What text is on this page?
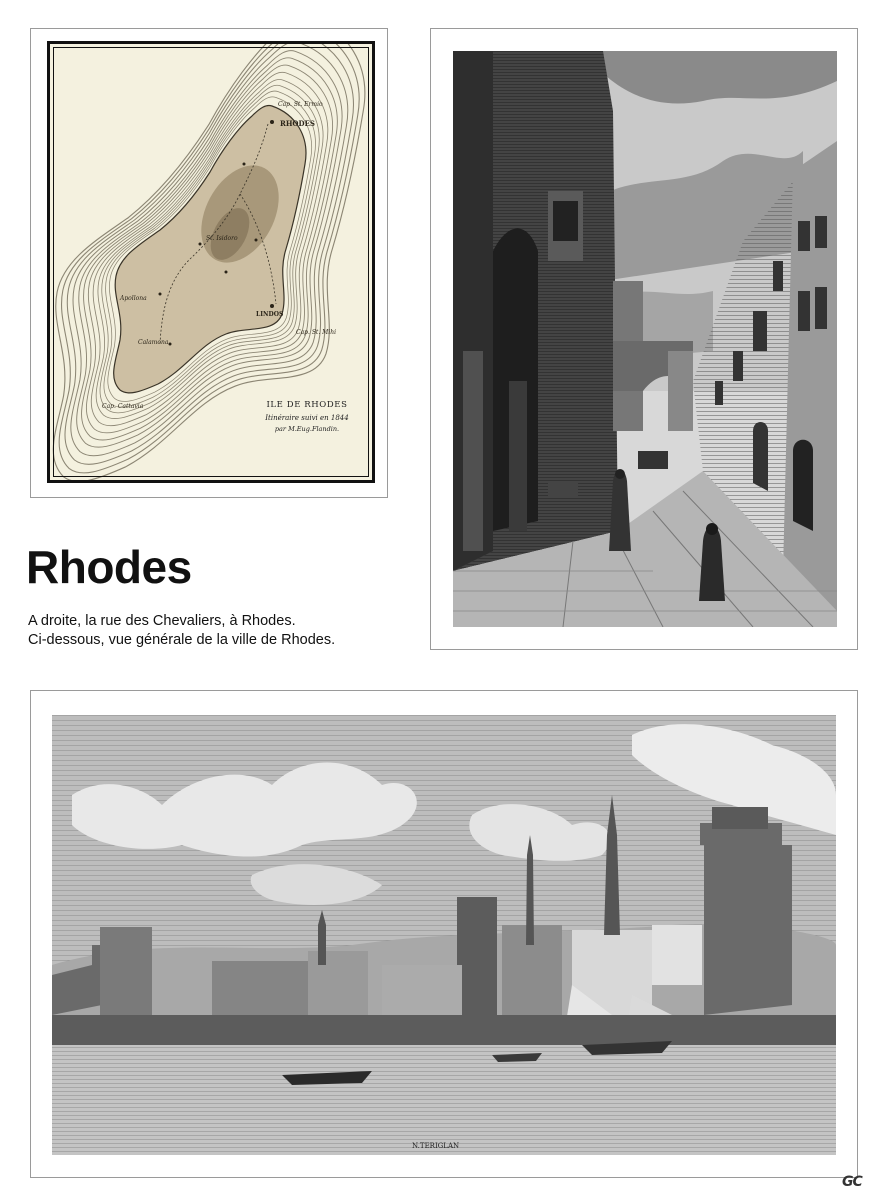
Cap. St. Ermio
RHODES
Apollona
St. Isidoro
Calamona
LINDOS
Cap. St. Mihi
Cap. Cattavia	ILE DE RHODES
Itinéraire suivi en 1844
par M.Eug.Flandin.
Rhodes
A droite, la rue des Chevaliers, à Rhodes.
Ci-dessous, vue générale de la ville de Rhodes.
N.TERIGLAN
GC
